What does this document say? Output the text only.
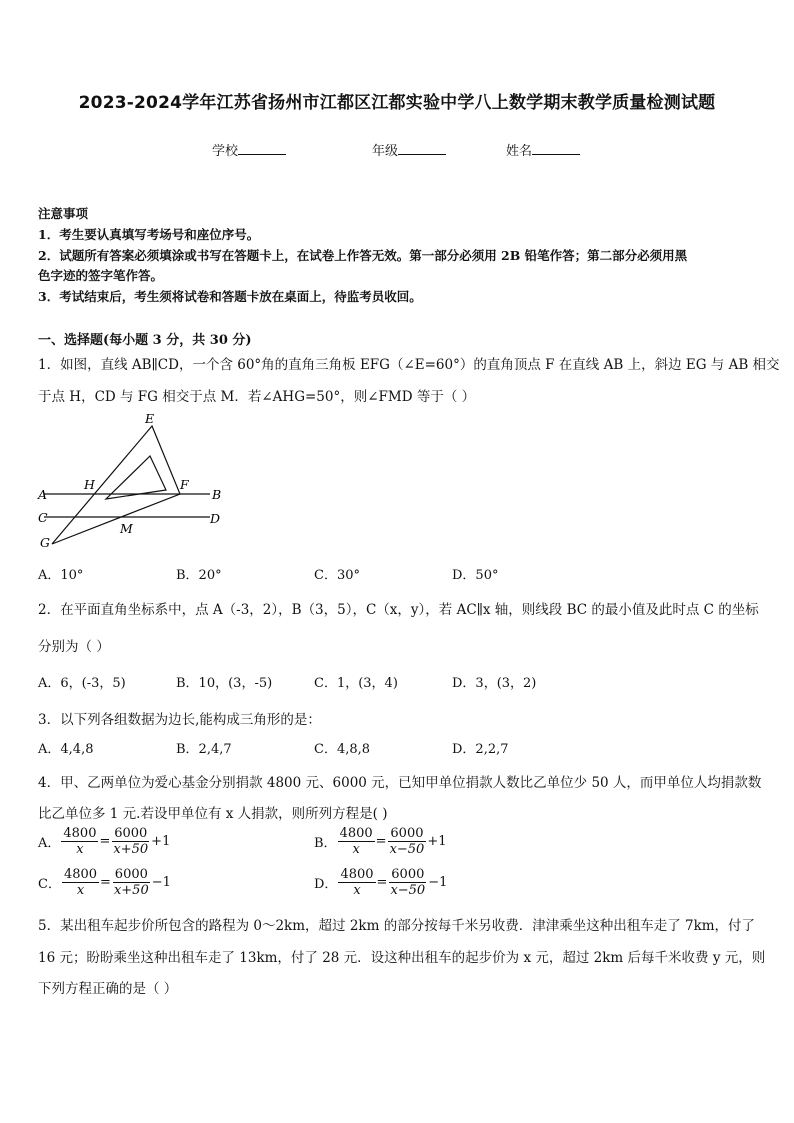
2023-2024学年江苏省扬州市江都区江都实验中学八上数学期末教学质量检测试题
学校	年级	姓名
注意事项
1．考生要认真填写考场号和座位序号。
2．试题所有答案必须填涂或书写在答题卡上，在试卷上作答无效。第一部分必须用 2B 铅笔作答；第二部分必须用黑
色字迹的签字笔作答。
3．考试结束后，考生须将试卷和答题卡放在桌面上，待监考员收回。
一、选择题(每小题 3 分，共 30 分)
1．如图，直线 AB∥CD，一个含 60°角的直角三角板 EFG（∠E=60°）的直角顶点 F 在直线 AB 上，斜边 EG 与 AB 相交
于点 H，CD 与 FG 相交于点 M．若∠AHG=50°，则∠FMD 等于（ ）
E
H	F
A	B
C	D
M
G
A．10°	B．20°	C．30°	D．50°
2．在平面直角坐标系中，点 A（-3，2），B（3，5），C（x，y），若 AC∥x 轴，则线段 BC 的最小值及此时点 C 的坐标
分别为（ ）
A．6，(-3，5)	B．10，(3，-5)	C．1，(3，4)	D．3，(3，2)
3．以下列各组数据为边长,能构成三角形的是：
A．4,4,8	B．2,4,7	C．4,8,8	D．2,2,7
4．甲、乙两单位为爱心基金分别捐款 4800 元、6000 元，已知甲单位捐款人数比乙单位少 50 人，而甲单位人均捐款数
比乙单位多 1 元.若设甲单位有 x 人捐款，则所列方程是( )
A． $\frac{4800}{x} = \frac{6000}{x+50} +1$	B． $\frac{4800}{x} = \frac{6000}{x-50} +1$
C． $\frac{4800}{x} = \frac{6000}{x+50} -1$	D． $\frac{4800}{x} = \frac{6000}{x-50} -1$
5．某出租车起步价所包含的路程为 0～2km，超过 2km 的部分按每千米另收费．津津乘坐这种出租车走了 7km，付了
16 元；盼盼乘坐这种出租车走了 13km，付了 28 元．设这种出租车的起步价为 x 元，超过 2km 后每千米收费 y 元，则
下列方程正确的是（ ）
